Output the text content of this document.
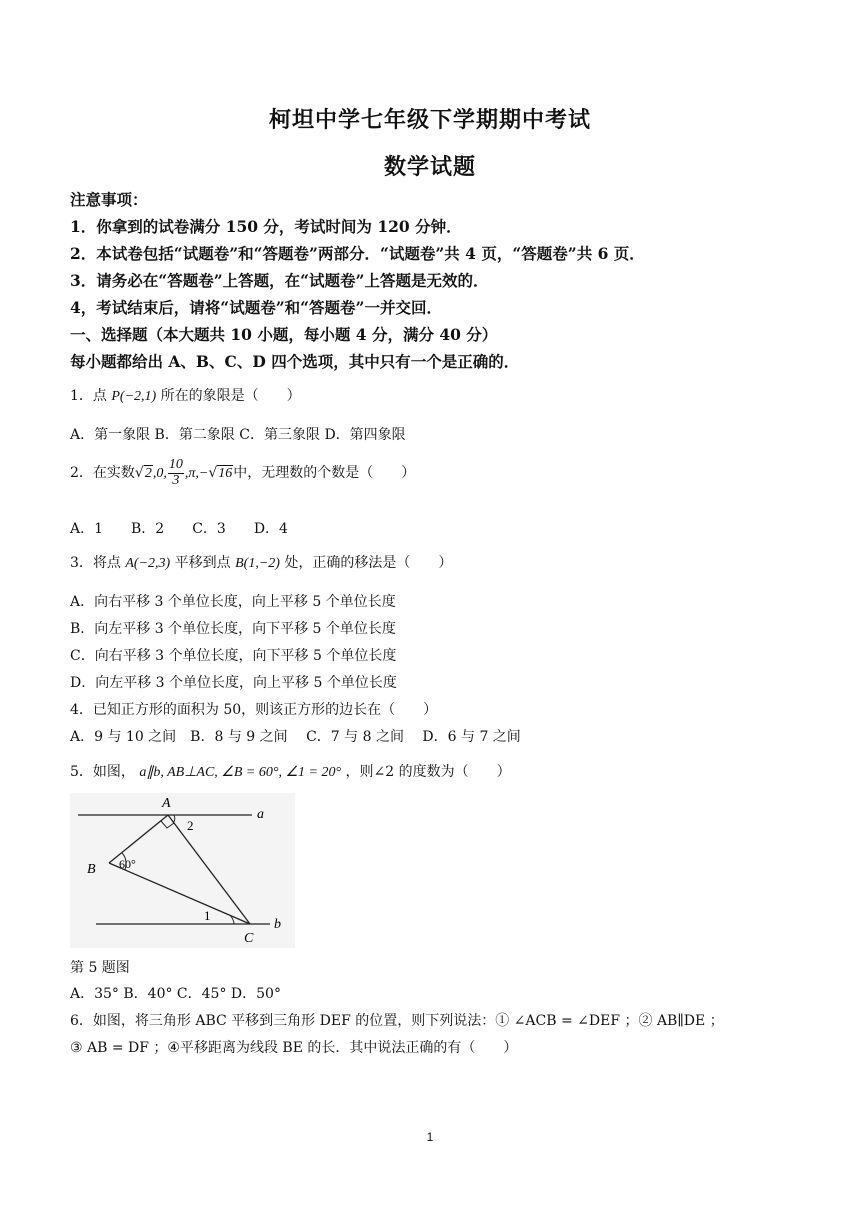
柯坦中学七年级下学期期中考试
数学试题
注意事项：
1．你拿到的试卷满分 150 分，考试时间为 120 分钟．
2．本试卷包括“试题卷”和“答题卷”两部分．“试题卷”共 4 页，“答题卷”共 6 页．
3．请务必在“答题卷”上答题，在“试题卷”上答题是无效的．
4，考试结束后，请将“试题卷”和“答题卷”一并交回．
一、选择题（本大题共 10 小题，每小题 4 分，满分 40 分）
每小题都给出 A、B、C、D 四个选项，其中只有一个是正确的．
1．点 P(−2,1) 所在的象限是（　　）
A．第一象限 B．第二象限 C．第三象限 D．第四象限
2．在实数√2,0, $\frac{10}{3} ,\pi,-√16$中，无理数的个数是（　　）
A．1　　B．2　　C．3　　D．4
3．将点 A(−2,3) 平移到点 B(1,−2) 处，正确的移法是（　　）
A．向右平移 3 个单位长度，向上平移 5 个单位长度
B．向左平移 3 个单位长度，向下平移 5 个单位长度
C．向右平移 3 个单位长度，向下平移 5 个单位长度
D．向左平移 3 个单位长度，向上平移 5 个单位长度
4．已知正方形的面积为 50，则该正方形的边长在（　　）
A．9 与 10 之间　B．8 与 9 之间　 C．7 与 8 之间　 D．6 与 7 之间
5．如图， a∥b, AB⊥AC, ∠B = 60°, ∠1 = 20° ，则∠2 的度数为（　　）
A
B
C
a
b
2
60°
1
第 5 题图
A．35° B．40° C．45° D．50°
6．如图，将三角形 ABC 平移到三角形 DEF 的位置，则下列说法：① ∠ACB = ∠DEF ；② AB∥DE ；
③ AB = DF ；④平移距离为线段 BE 的长．其中说法正确的有（　　）
1
